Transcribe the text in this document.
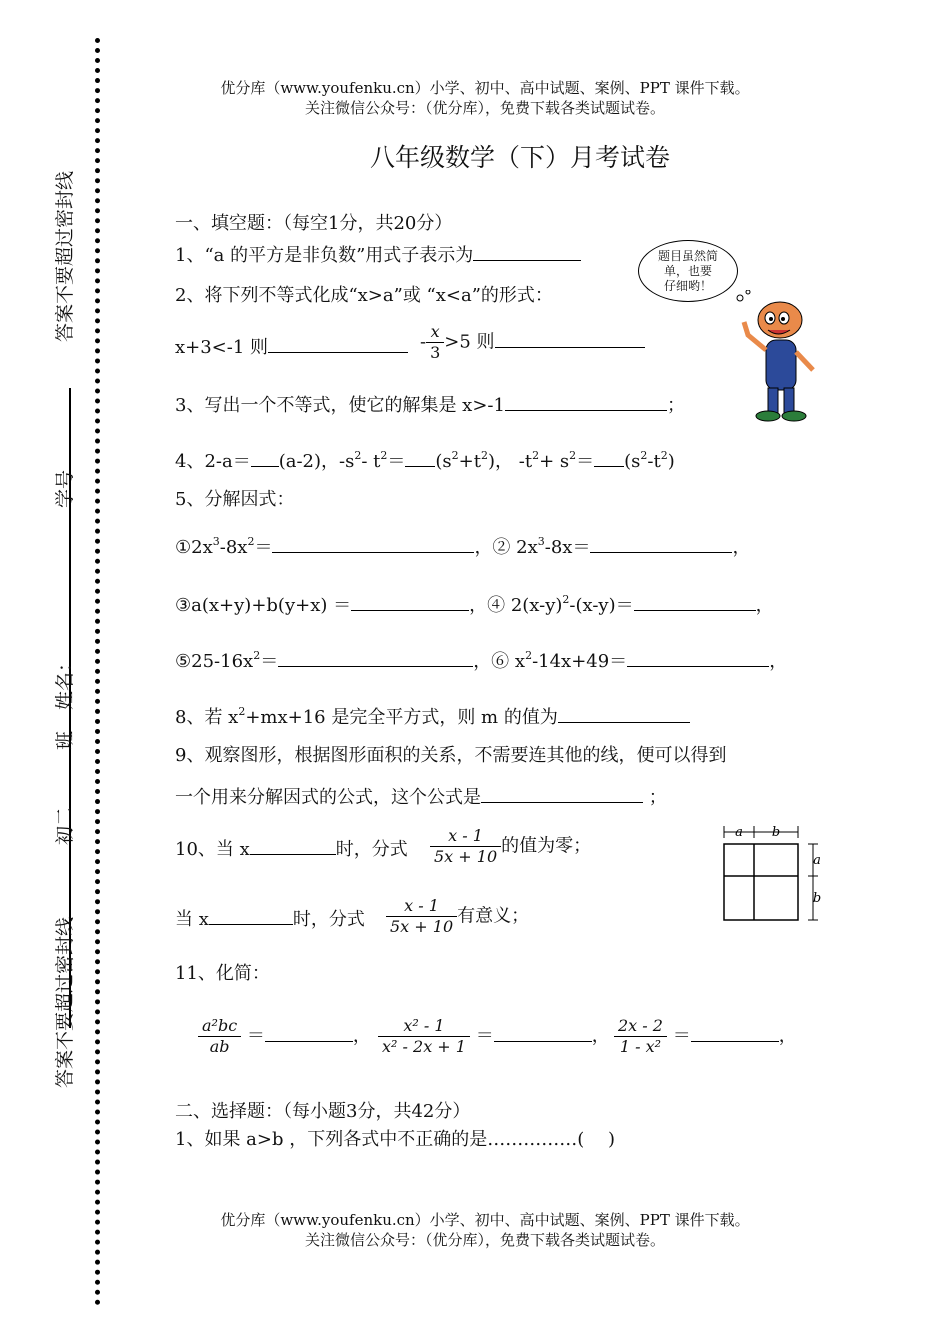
答案不要超过密封线
学号
姓名：
班
初二
答案不要超过密封线
优分库（www.youfenku.cn）小学、初中、高中试题、案例、PPT 课件下载。
关注微信公众号：（优分库），免费下载各类试题试卷。
八年级数学（下）月考试卷
一、填空题：（每空1分，共20分）
1、“a 的平方是非负数”用式子表示为	题目虽然简
单，也要
仔细哟！
2、将下列不等式化成“x>a”或 “x<a”的形式：
x+3<-1 则	- $\frac{x}{3} >5$ 则
3、写出一个不等式，使它的解集是 x>-1	；
4、2-a＝ (a-2)，$-s^2-$ $t^2= (s^2+t^2)$， $-t^2+ s^2= (s^2-t^2)$
5、分解因式：
$①2x^3-8x^2=$	，② $2x^3-8x=$	，
③a(x+y)+b(y+x) ＝	，④ $2(x-y)^2-(x-y)=$	，
$⑤25-16x^2=$	，⑥ $x^2-14x+49=$	，
8、若 $x^2+mx+16$ 是完全平方式，则 m 的值为
9、观察图形，根据图形面积的关系，不需要连其他的线，便可以得到
一个用来分解因式的公式，这个公式是	；
10、当 x	时，分式 $\frac{x - 1}{5x + 10}$ 的值为零；
当 x	时，分式 $\frac{x - 1}{5x + 10}$ 有意义；
a b
a
b
11、化简：
$\frac{\text{a²bc}}{ab}$ ＝	， $\frac{\text{x² - 1}}{\text{x² - 2x + 1}}$ ＝	， $\frac{2x - 2}{\text{1 - x²}}$ ＝	，
二、选择题：（每小题3分，共42分）
1、如果 a>b ，下列各式中不正确的是……………(　 )
优分库（www.youfenku.cn）小学、初中、高中试题、案例、PPT 课件下载。
关注微信公众号：（优分库），免费下载各类试题试卷。
